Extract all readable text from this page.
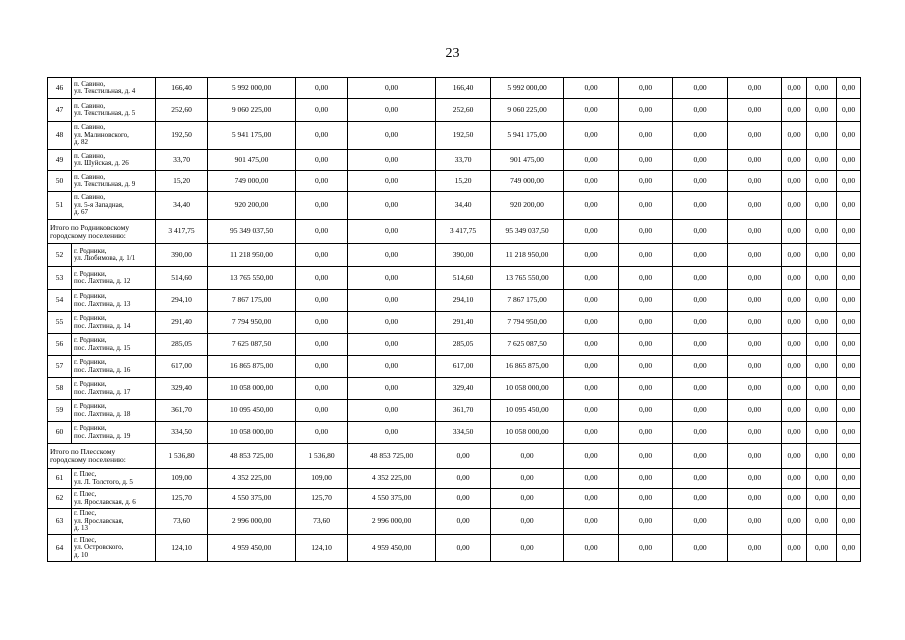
23
46	п. Савино,
ул. Текстильная, д. 4	166,40	5 992 000,00	0,00	0,00	166,40	5 992 000,00	0,00	0,00	0,00	0,00	0,00	0,00	0,00
47	п. Савино,
ул. Текстильная, д. 5	252,60	9 060 225,00	0,00	0,00	252,60	9 060 225,00	0,00	0,00	0,00	0,00	0,00	0,00	0,00
48	п. Савино,
ул. Малиновского,
д. 82	192,50	5 941 175,00	0,00	0,00	192,50	5 941 175,00	0,00	0,00	0,00	0,00	0,00	0,00	0,00
49	п. Савино,
ул. Шуйская, д. 26	33,70	901 475,00	0,00	0,00	33,70	901 475,00	0,00	0,00	0,00	0,00	0,00	0,00	0,00
50	п. Савино,
ул. Текстильная, д. 9	15,20	749 000,00	0,00	0,00	15,20	749 000,00	0,00	0,00	0,00	0,00	0,00	0,00	0,00
51	п. Савино,
ул. 5-я Западная,
д. 67	34,40	920 200,00	0,00	0,00	34,40	920 200,00	0,00	0,00	0,00	0,00	0,00	0,00	0,00

Итого по Родниковскому
городскому поселению:		3 417,75	95 349 037,50	0,00	0,00	3 417,75	95 349 037,50	0,00	0,00	0,00	0,00	0,00	0,00	0,00
52	г. Родники,
ул. Любимова, д. 1/1	390,00	11 218 950,00	0,00	0,00	390,00	11 218 950,00	0,00	0,00	0,00	0,00	0,00	0,00	0,00
53	г. Родники,
пос. Лахтина, д. 12	514,60	13 765 550,00	0,00	0,00	514,60	13 765 550,00	0,00	0,00	0,00	0,00	0,00	0,00	0,00
54	г. Родники,
пос. Лахтина, д. 13	294,10	7 867 175,00	0,00	0,00	294,10	7 867 175,00	0,00	0,00	0,00	0,00	0,00	0,00	0,00
55	г. Родники,
пос. Лахтина, д. 14	291,40	7 794 950,00	0,00	0,00	291,40	7 794 950,00	0,00	0,00	0,00	0,00	0,00	0,00	0,00
56	г. Родники,
пос. Лахтина, д. 15	285,05	7 625 087,50	0,00	0,00	285,05	7 625 087,50	0,00	0,00	0,00	0,00	0,00	0,00	0,00
57	г. Родники,
пос. Лахтина, д. 16	617,00	16 865 875,00	0,00	0,00	617,00	16 865 875,00	0,00	0,00	0,00	0,00	0,00	0,00	0,00
58	г. Родники,
пос. Лахтина, д. 17	329,40	10 058 000,00	0,00	0,00	329,40	10 058 000,00	0,00	0,00	0,00	0,00	0,00	0,00	0,00
59	г. Родники,
пос. Лахтина, д. 18	361,70	10 095 450,00	0,00	0,00	361,70	10 095 450,00	0,00	0,00	0,00	0,00	0,00	0,00	0,00
60	г. Родники,
пос. Лахтина, д. 19	334,50	10 058 000,00	0,00	0,00	334,50	10 058 000,00	0,00	0,00	0,00	0,00	0,00	0,00	0,00

Итого по Плесскому
городскому поселению:		1 536,80	48 853 725,00	1 536,80	48 853 725,00	0,00	0,00	0,00	0,00	0,00	0,00	0,00	0,00	0,00
61	г. Плес,
ул. Л. Толстого, д. 5	109,00	4 352 225,00	109,00	4 352 225,00	0,00	0,00	0,00	0,00	0,00	0,00	0,00	0,00	0,00
62	г. Плес,
ул. Ярославская, д. 6	125,70	4 550 375,00	125,70	4 550 375,00	0,00	0,00	0,00	0,00	0,00	0,00	0,00	0,00	0,00
63	г. Плес,
ул. Ярославская,
д. 13	73,60	2 996 000,00	73,60	2 996 000,00	0,00	0,00	0,00	0,00	0,00	0,00	0,00	0,00	0,00
64	г. Плес,
ул. Островского,
д. 10	124,10	4 959 450,00	124,10	4 959 450,00	0,00	0,00	0,00	0,00	0,00	0,00	0,00	0,00	0,00
